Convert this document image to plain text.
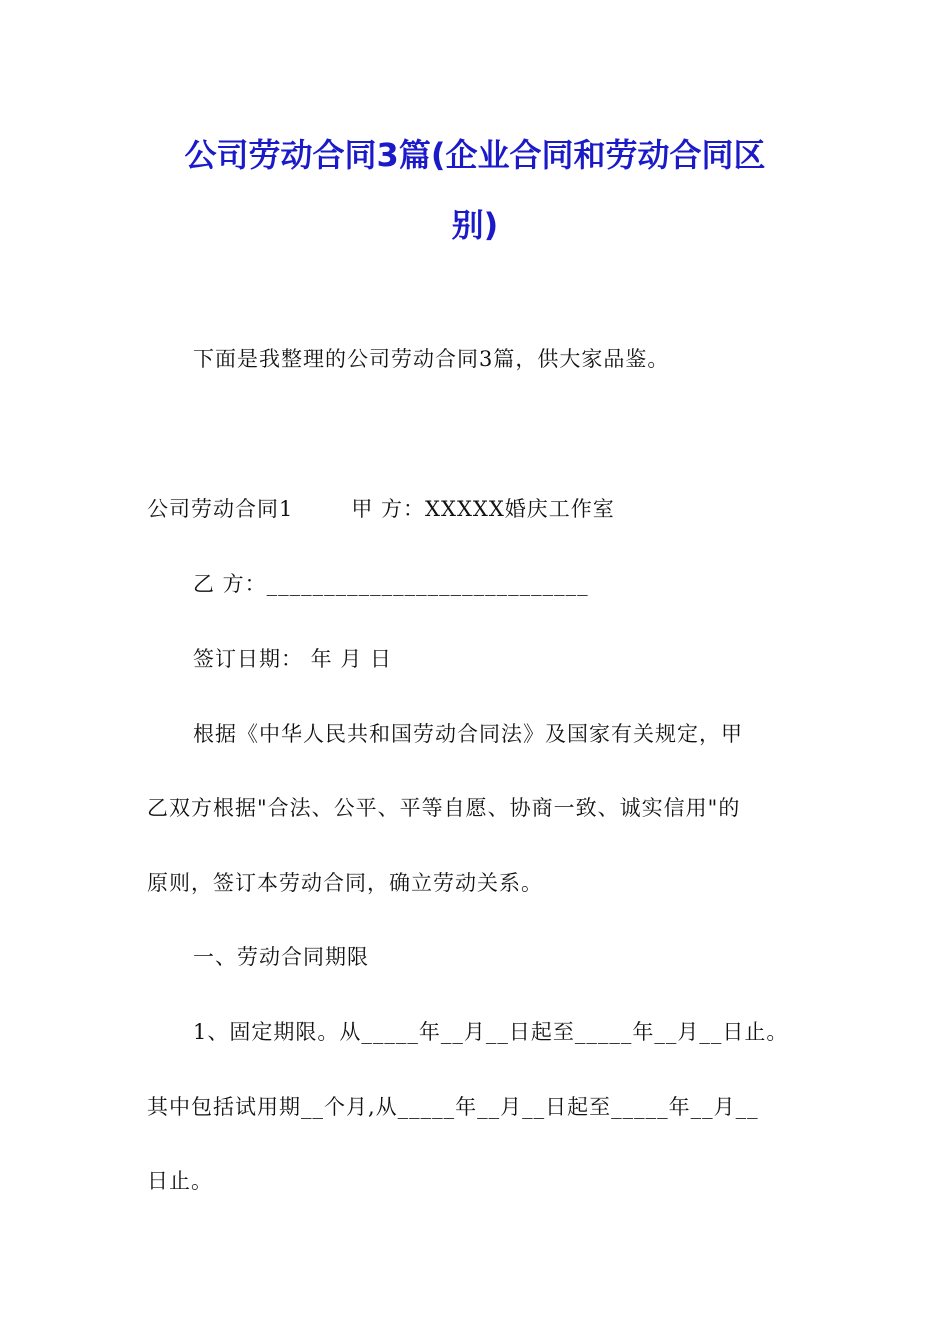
公司劳动合同3篇(企业合同和劳动合同区
别)
下面是我整理的公司劳动合同3篇，供大家品鉴。
公司劳动合同1	甲 方：XXXXX婚庆工作室
乙 方：____________________________
签订日期： 年 月 日
根据《中华人民共和国劳动合同法》及国家有关规定，甲
乙双方根据"合法、公平、平等自愿、协商一致、诚实信用"的
原则，签订本劳动合同，确立劳动关系。
一、劳动合同期限
1、固定期限。从_____年__月__日起至_____年__月__日止。
其中包括试用期__个月,从_____年__月__日起至_____年__月__
日止。
